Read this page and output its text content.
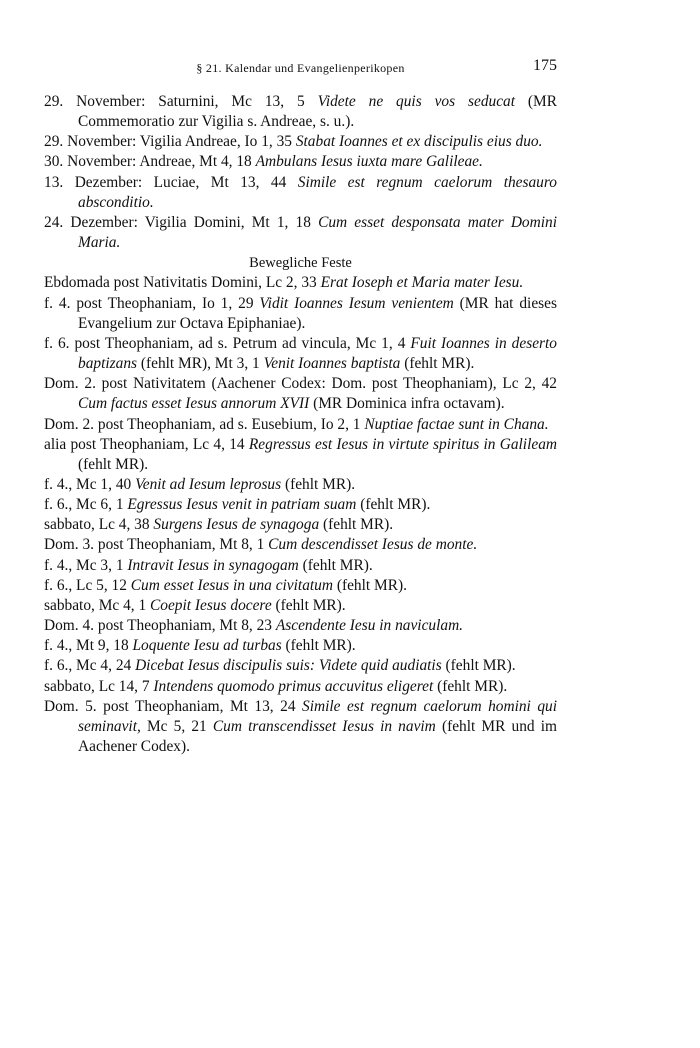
§ 21. Kalendar und Evangelienperikopen	175

29. November: Saturnini, Mc 13, 5 Videte ne quis vos seducat (MR Commemoratio zur Vigilia s. Andreae, s. u.).

29. November: Vigilia Andreae, Io 1, 35 Stabat Ioannes et ex discipulis eius duo.

30. November: Andreae, Mt 4, 18 Ambulans Iesus iuxta mare Galileae.

13. Dezember: Luciae, Mt 13, 44 Simile est regnum caelorum thesauro absconditio.

24. Dezember: Vigilia Domini, Mt 1, 18 Cum esset desponsata mater Domini Maria.

Bewegliche Feste

Ebdomada post Nativitatis Domini, Lc 2, 33 Erat Ioseph et Maria mater Iesu.

f. 4. post Theophaniam, Io 1, 29 Vidit Ioannes Iesum venientem (MR hat dieses Evangelium zur Octava Epiphaniae).

f. 6. post Theophaniam, ad s. Petrum ad vincula, Mc 1, 4 Fuit Ioannes in deserto baptizans (fehlt MR), Mt 3, 1 Venit Ioannes baptista (fehlt MR).

Dom. 2. post Nativitatem (Aachener Codex: Dom. post Theophaniam), Lc 2, 42 Cum factus esset Iesus annorum XVII (MR Dominica infra octavam).

Dom. 2. post Theophaniam, ad s. Eusebium, Io 2, 1 Nuptiae factae sunt in Chana.

alia post Theophaniam, Lc 4, 14 Regressus est Iesus in virtute spiritus in Galileam (fehlt MR).

f. 4., Mc 1, 40 Venit ad Iesum leprosus (fehlt MR).

f. 6., Mc 6, 1 Egressus Iesus venit in patriam suam (fehlt MR).

sabbato, Lc 4, 38 Surgens Iesus de synagoga (fehlt MR).

Dom. 3. post Theophaniam, Mt 8, 1 Cum descendisset Iesus de monte.

f. 4., Mc 3, 1 Intravit Iesus in synagogam (fehlt MR).

f. 6., Lc 5, 12 Cum esset Iesus in una civitatum (fehlt MR).

sabbato, Mc 4, 1 Coepit Iesus docere (fehlt MR).

Dom. 4. post Theophaniam, Mt 8, 23 Ascendente Iesu in naviculam.

f. 4., Mt 9, 18 Loquente Iesu ad turbas (fehlt MR).

f. 6., Mc 4, 24 Dicebat Iesus discipulis suis: Videte quid audiatis (fehlt MR).

sabbato, Lc 14, 7 Intendens quomodo primus accuvitus eligeret (fehlt MR).

Dom. 5. post Theophaniam, Mt 13, 24 Simile est regnum caelorum homini qui seminavit, Mc 5, 21 Cum transcendisset Iesus in navim (fehlt MR und im Aachener Codex).
